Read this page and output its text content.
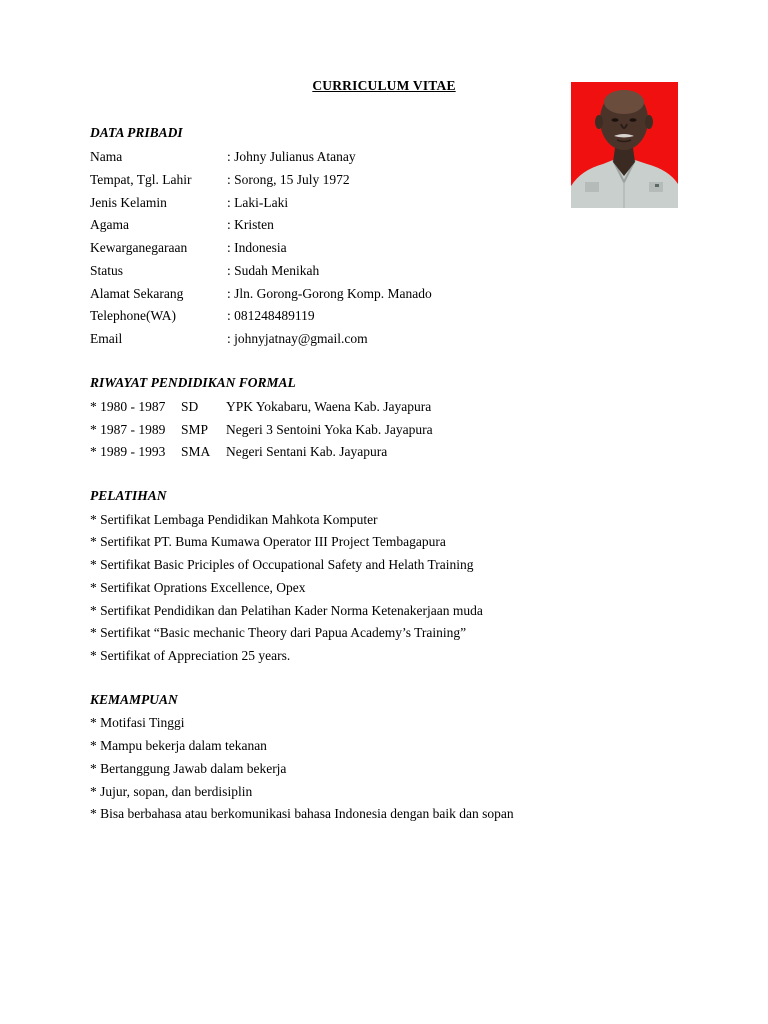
CURRICULUM VITAE
DATA PRIBADI
Nama	: Johny Julianus Atanay
Tempat, Tgl. Lahir	: Sorong, 15 July 1972
Jenis Kelamin	: Laki-Laki
Agama	: Kristen
Kewarganegaraan	: Indonesia
Status	: Sudah Menikah
Alamat Sekarang	: Jln. Gorong-Gorong Komp. Manado
Telephone(WA)	: 081248489119
Email	: johnyjatnay@gmail.com
RIWAYAT PENDIDIKAN FORMAL
* 1980 - 1987 SD YPK Yokabaru, Waena Kab. Jayapura
* 1987 - 1989 SMP Negeri 3 Sentoini Yoka Kab. Jayapura
* 1989 - 1993 SMA Negeri Sentani Kab. Jayapura
PELATIHAN
* Sertifikat Lembaga Pendidikan Mahkota Komputer
* Sertifikat PT. Buma Kumawa Operator III Project Tembagapura
* Sertifikat Basic Priciples of Occupational Safety and Helath Training
* Sertifikat Oprations Excellence, Opex
* Sertifikat Pendidikan dan Pelatihan Kader Norma Ketenakerjaan muda
* Sertifikat “Basic mechanic Theory dari Papua Academy’s Training”
* Sertifikat of Appreciation 25 years.
KEMAMPUAN
* Motifasi Tinggi
* Mampu bekerja dalam tekanan
* Bertanggung Jawab dalam bekerja
* Jujur, sopan, dan berdisiplin
* Bisa berbahasa atau berkomunikasi bahasa Indonesia dengan baik dan sopan
